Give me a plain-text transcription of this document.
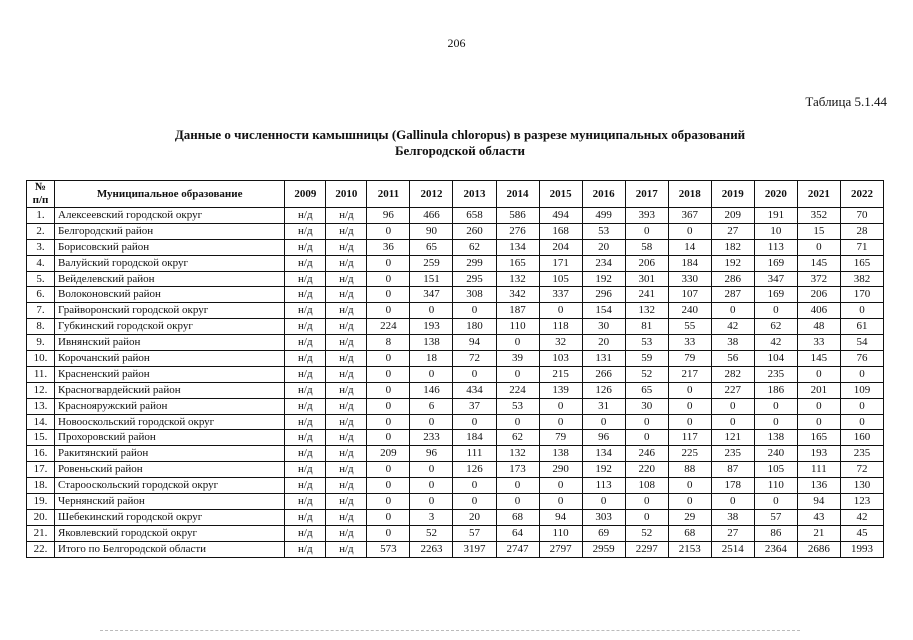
206
Таблица 5.1.44
Данные о численности камышницы (Gallinula chloropus) в разрезе муниципальных образований
Белгородской области
№
п/п	Муниципальное образование	2009	2010	2011	2012	2013	2014	2015	2016	2017	2018	2019	2020	2021	2022
1.	Алексеевский городской округ	н/д	н/д	96	466	658	586	494	499	393	367	209	191	352	70
2.	Белгородский район	н/д	н/д	0	90	260	276	168	53	0	0	27	10	15	28
3.	Борисовский район	н/д	н/д	36	65	62	134	204	20	58	14	182	113	0	71
4.	Валуйский городской округ	н/д	н/д	0	259	299	165	171	234	206	184	192	169	145	165
5.	Вейделевский район	н/д	н/д	0	151	295	132	105	192	301	330	286	347	372	382
6.	Волоконовский район	н/д	н/д	0	347	308	342	337	296	241	107	287	169	206	170
7.	Грайворонский городской округ	н/д	н/д	0	0	0	187	0	154	132	240	0	0	406	0
8.	Губкинский городской округ	н/д	н/д	224	193	180	110	118	30	81	55	42	62	48	61
9.	Ивнянский район	н/д	н/д	8	138	94	0	32	20	53	33	38	42	33	54
10.	Корочанский район	н/д	н/д	0	18	72	39	103	131	59	79	56	104	145	76
11.	Красненский район	н/д	н/д	0	0	0	0	215	266	52	217	282	235	0	0
12.	Красногвардейский район	н/д	н/д	0	146	434	224	139	126	65	0	227	186	201	109
13.	Краснояружский район	н/д	н/д	0	6	37	53	0	31	30	0	0	0	0	0
14.	Новооскольский городской округ	н/д	н/д	0	0	0	0	0	0	0	0	0	0	0	0
15.	Прохоровский район	н/д	н/д	0	233	184	62	79	96	0	117	121	138	165	160
16.	Ракитянский район	н/д	н/д	209	96	111	132	138	134	246	225	235	240	193	235
17.	Ровеньский район	н/д	н/д	0	0	126	173	290	192	220	88	87	105	111	72
18.	Старооскольский городской округ	н/д	н/д	0	0	0	0	0	113	108	0	178	110	136	130
19.	Чернянский район	н/д	н/д	0	0	0	0	0	0	0	0	0	0	94	123
20.	Шебекинский городской округ	н/д	н/д	0	3	20	68	94	303	0	29	38	57	43	42
21.	Яковлевский городской округ	н/д	н/д	0	52	57	64	110	69	52	68	27	86	21	45
22.	Итого по Белгородской области	н/д	н/д	573	2263	3197	2747	2797	2959	2297	2153	2514	2364	2686	1993
